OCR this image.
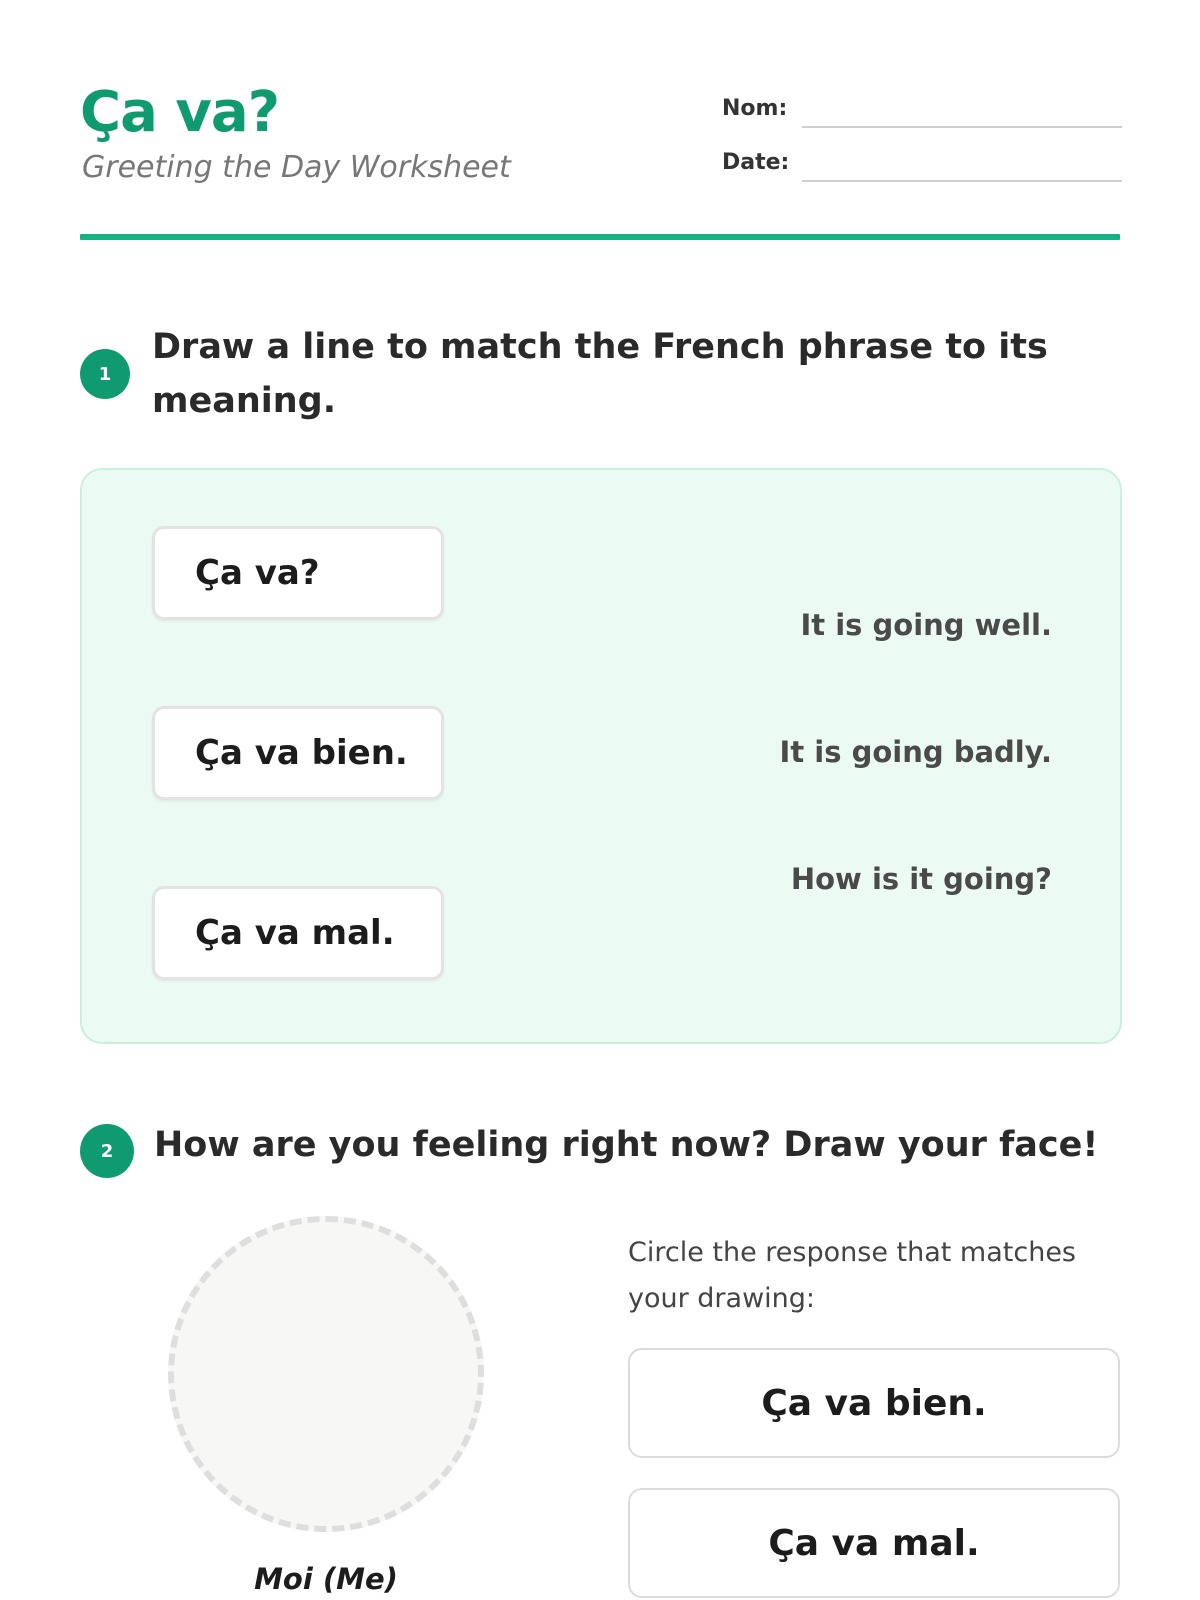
Ça va?
Greeting the Day Worksheet
Nom:
Date:
1
Draw a line to match the French phrase to its meaning.
Ça va?
Ça va bien.
Ça va mal.
It is going well.
It is going badly.
How is it going?
2	How are you feeling right now? Draw your face!
Moi (Me)
Circle the response that matches your drawing:
Ça va bien.
Ça va mal.
